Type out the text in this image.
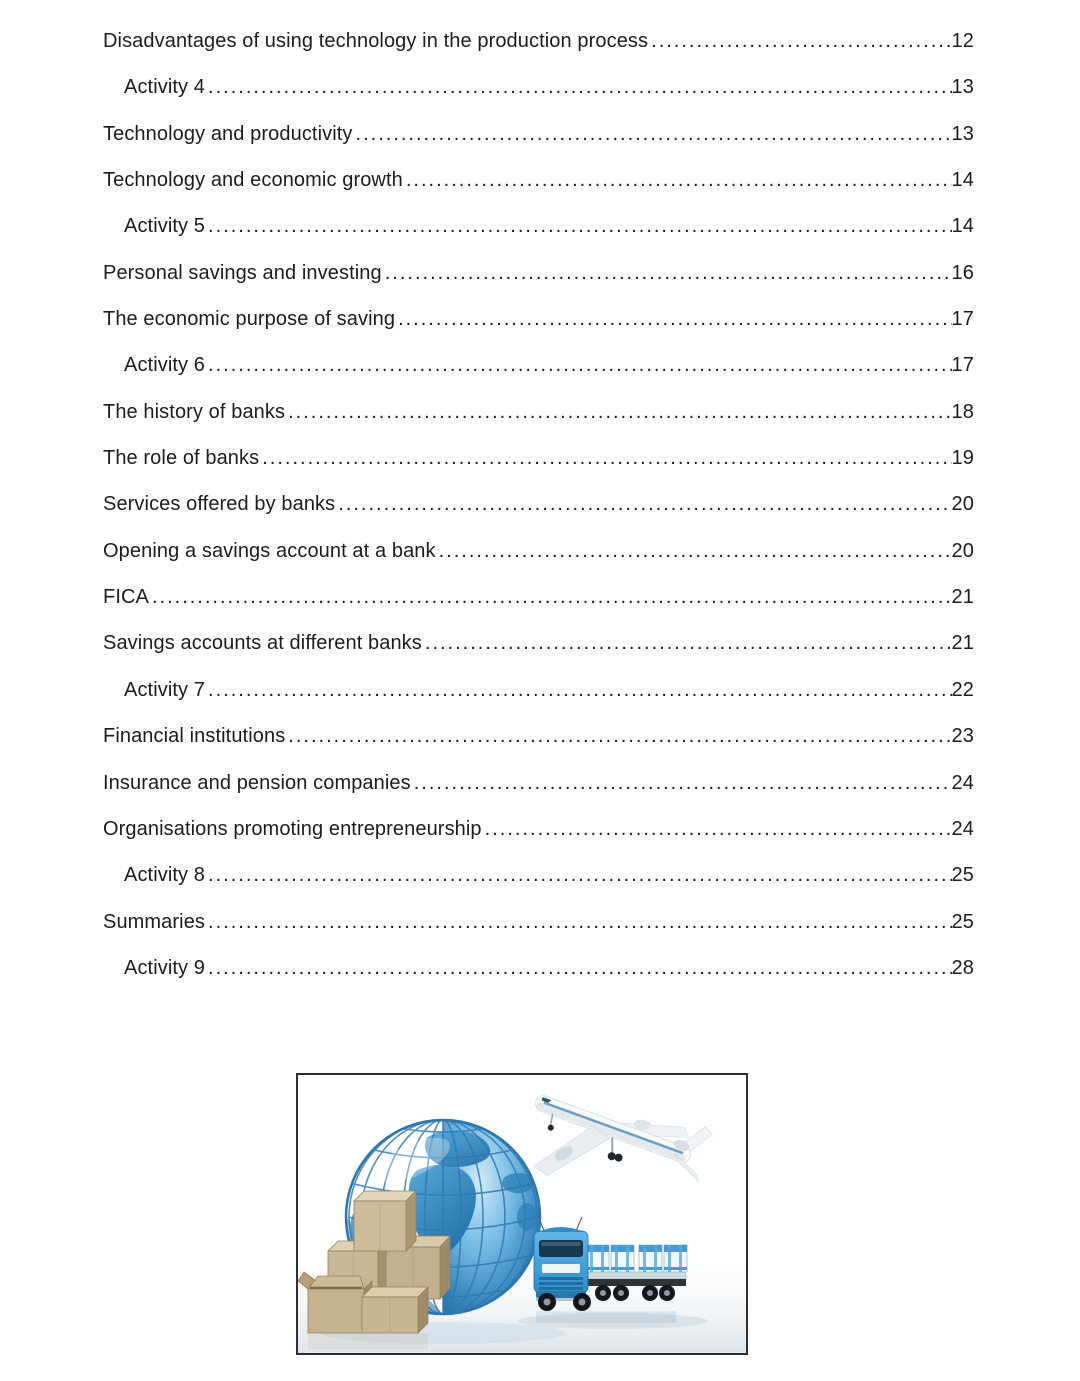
Disadvantages of using technology in the production process .....	12
Activity 4 .....	13
Technology and productivity .....	13
Technology and economic growth .....	14
Activity 5 .....	14
Personal savings and investing .....	16
The economic purpose of saving .....	17
Activity 6 .....	17
The history of banks .....	18
The role of banks .....	19
Services offered by banks .....	20
Opening a savings account at a bank .....	20
FICA .....	21
Savings accounts at different banks .....	21
Activity 7 .....	22
Financial institutions .....	23
Insurance and pension companies .....	24
Organisations promoting entrepreneurship .....	24
Activity 8 .....	25
Summaries .....	25
Activity 9 .....	28
